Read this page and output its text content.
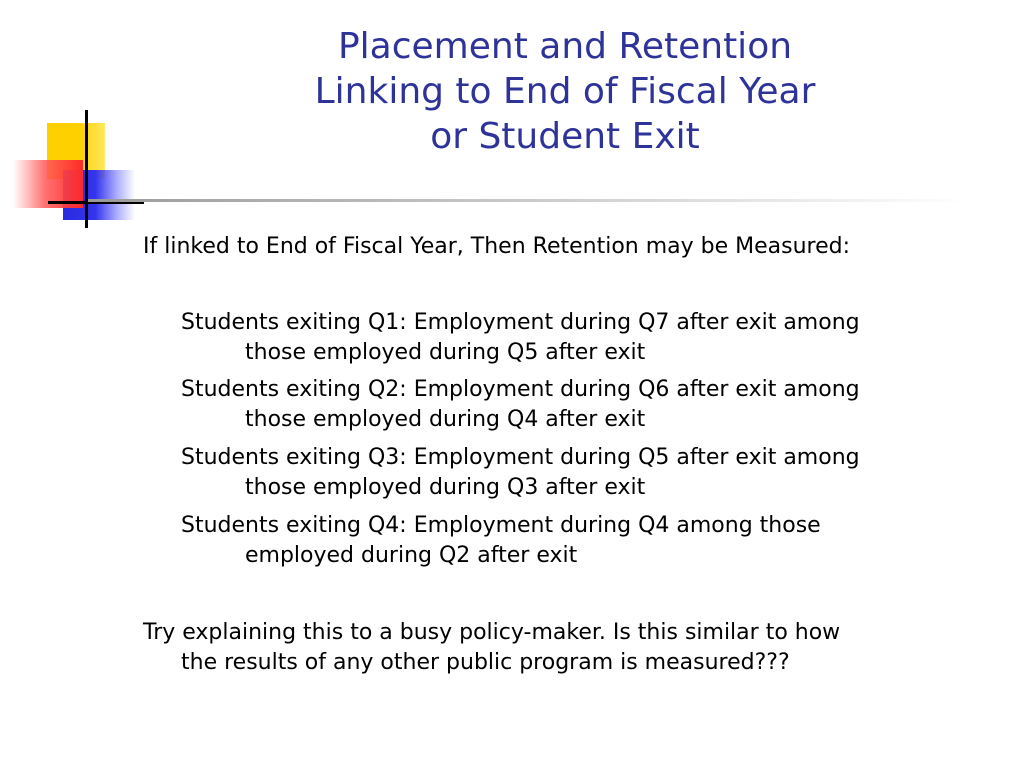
Placement and Retention
Linking to End of Fiscal Year
or Student Exit
If linked to End of Fiscal Year, Then Retention may be Measured:
Students exiting Q1: Employment during Q7 after exit among
those employed during Q5 after exit
Students exiting Q2: Employment during Q6 after exit among
those employed during Q4 after exit
Students exiting Q3: Employment during Q5 after exit among
those employed during Q3 after exit
Students exiting Q4: Employment during Q4 among those
employed during Q2 after exit
Try explaining this to a busy policy-maker. Is this similar to how
the results of any other public program is measured???
